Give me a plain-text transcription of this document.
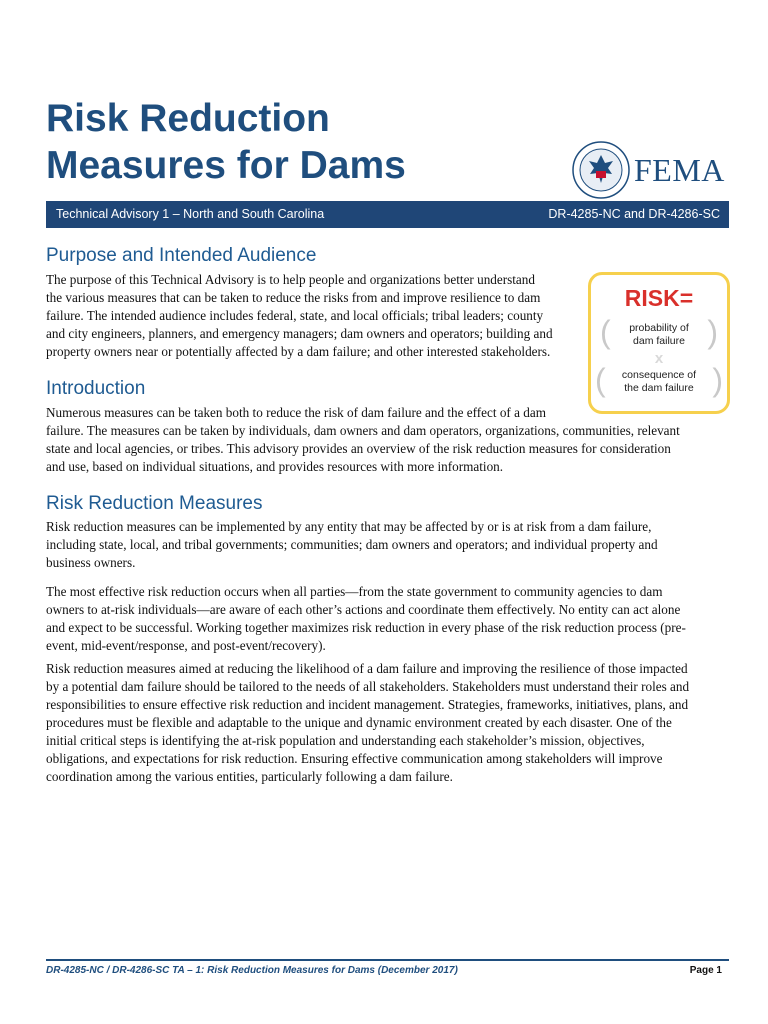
Risk Reduction
Measures for Dams	FEMA
Technical Advisory 1 – North and South Carolina	DR-4285-NC and DR-4286-SC
Purpose and Intended Audience
The purpose of this Technical Advisory is to help people and organizations better understand
the various measures that can be taken to reduce the risks from and improve resilience to dam
failure. The intended audience includes federal, state, and local officials; tribal leaders; county
and city engineers, planners, and emergency managers; dam owners and operators; building and
property owners near or potentially affected by a dam failure; and other interested stakeholders.
RISK=
(	)
probability of
dam failure
x
(	)
consequence of
the dam failure
Introduction
Numerous measures can be taken both to reduce the risk of dam failure and the effect of a dam
failure. The measures can be taken by individuals, dam owners and dam operators, organizations, communities, relevant
state and local agencies, or tribes. This advisory provides an overview of the risk reduction measures for consideration
and use, based on individual situations, and provides resources with more information.
Risk Reduction Measures
Risk reduction measures can be implemented by any entity that may be affected by or is at risk from a dam failure,
including state, local, and tribal governments; communities; dam owners and operators; and individual property and
business owners.
The most effective risk reduction occurs when all parties—from the state government to community agencies to dam
owners to at-risk individuals—are aware of each other’s actions and coordinate them effectively. No entity can act alone
and expect to be successful. Working together maximizes risk reduction in every phase of the risk reduction process (pre-
event, mid-event/response, and post-event/recovery).
Risk reduction measures aimed at reducing the likelihood of a dam failure and improving the resilience of those impacted
by a potential dam failure should be tailored to the needs of all stakeholders. Stakeholders must understand their roles and
responsibilities to ensure effective risk reduction and incident management. Strategies, frameworks, initiatives, plans, and
procedures must be flexible and adaptable to the unique and dynamic environment created by each disaster. One of the
initial critical steps is identifying the at-risk population and understanding each stakeholder’s mission, objectives,
obligations, and expectations for risk reduction. Ensuring effective communication among stakeholders will improve
coordination among the various entities, particularly following a dam failure.
DR-4285-NC / DR-4286-SC TA – 1: Risk Reduction Measures for Dams (December 2017)	Page 1
